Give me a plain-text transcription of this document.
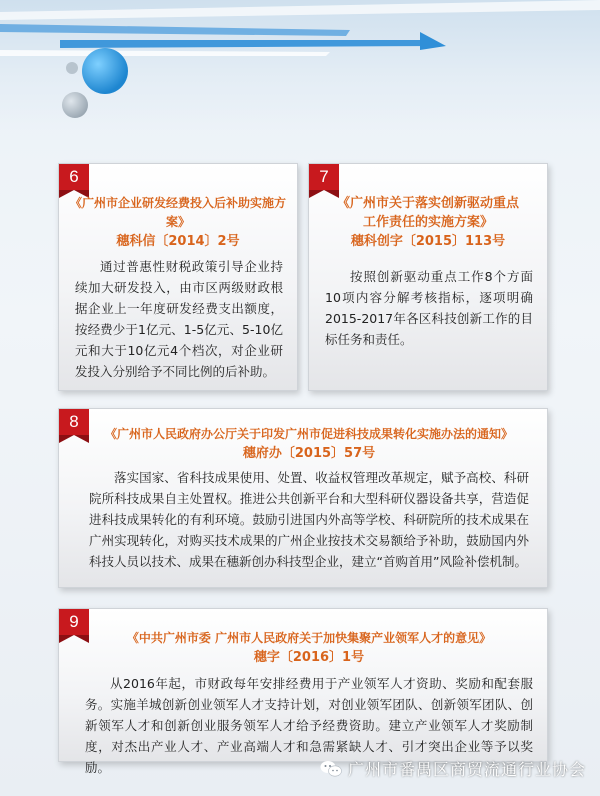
6
《广州市企业研发经费投入后补助实施方案》
穗科信〔2014〕2号
通过普惠性财税政策引导企业持续加大研发投入，由市区两级财政根据企业上一年度研发经费支出额度，按经费少于1亿元、1-5亿元、5-10亿元和大于10亿元4个档次，对企业研发投入分别给予不同比例的后补助。
7
《广州市关于落实创新驱动重点
工作责任的实施方案》
穗科创字〔2015〕113号
按照创新驱动重点工作8个方面10项内容分解考核指标，逐项明确2015-2017年各区科技创新工作的目标任务和责任。
8
《广州市人民政府办公厅关于印发广州市促进科技成果转化实施办法的通知》
穗府办〔2015〕57号
落实国家、省科技成果使用、处置、收益权管理改革规定，赋予高校、科研院所科技成果自主处置权。推进公共创新平台和大型科研仪器设备共享，营造促进科技成果转化的有利环境。鼓励引进国内外高等学校、科研院所的技术成果在广州实现转化，对购买技术成果的广州企业按技术交易额给予补助，鼓励国内外科技人员以技术、成果在穗新创办科技型企业，建立“首购首用”风险补偿机制。
9
《中共广州市委 广州市人民政府关于加快集聚产业领军人才的意见》
穗字〔2016〕1号
从2016年起，市财政每年安排经费用于产业领军人才资助、奖励和配套服务。实施羊城创新创业领军人才支持计划，对创业领军团队、创新领军团队、创新领军人才和创新创业服务领军人才给予经费资助。建立产业领军人才奖励制度，对杰出产业人才、产业高端人才和急需紧缺人才、引才突出企业等予以奖励。	广州市番禺区商贸流通行业协会
